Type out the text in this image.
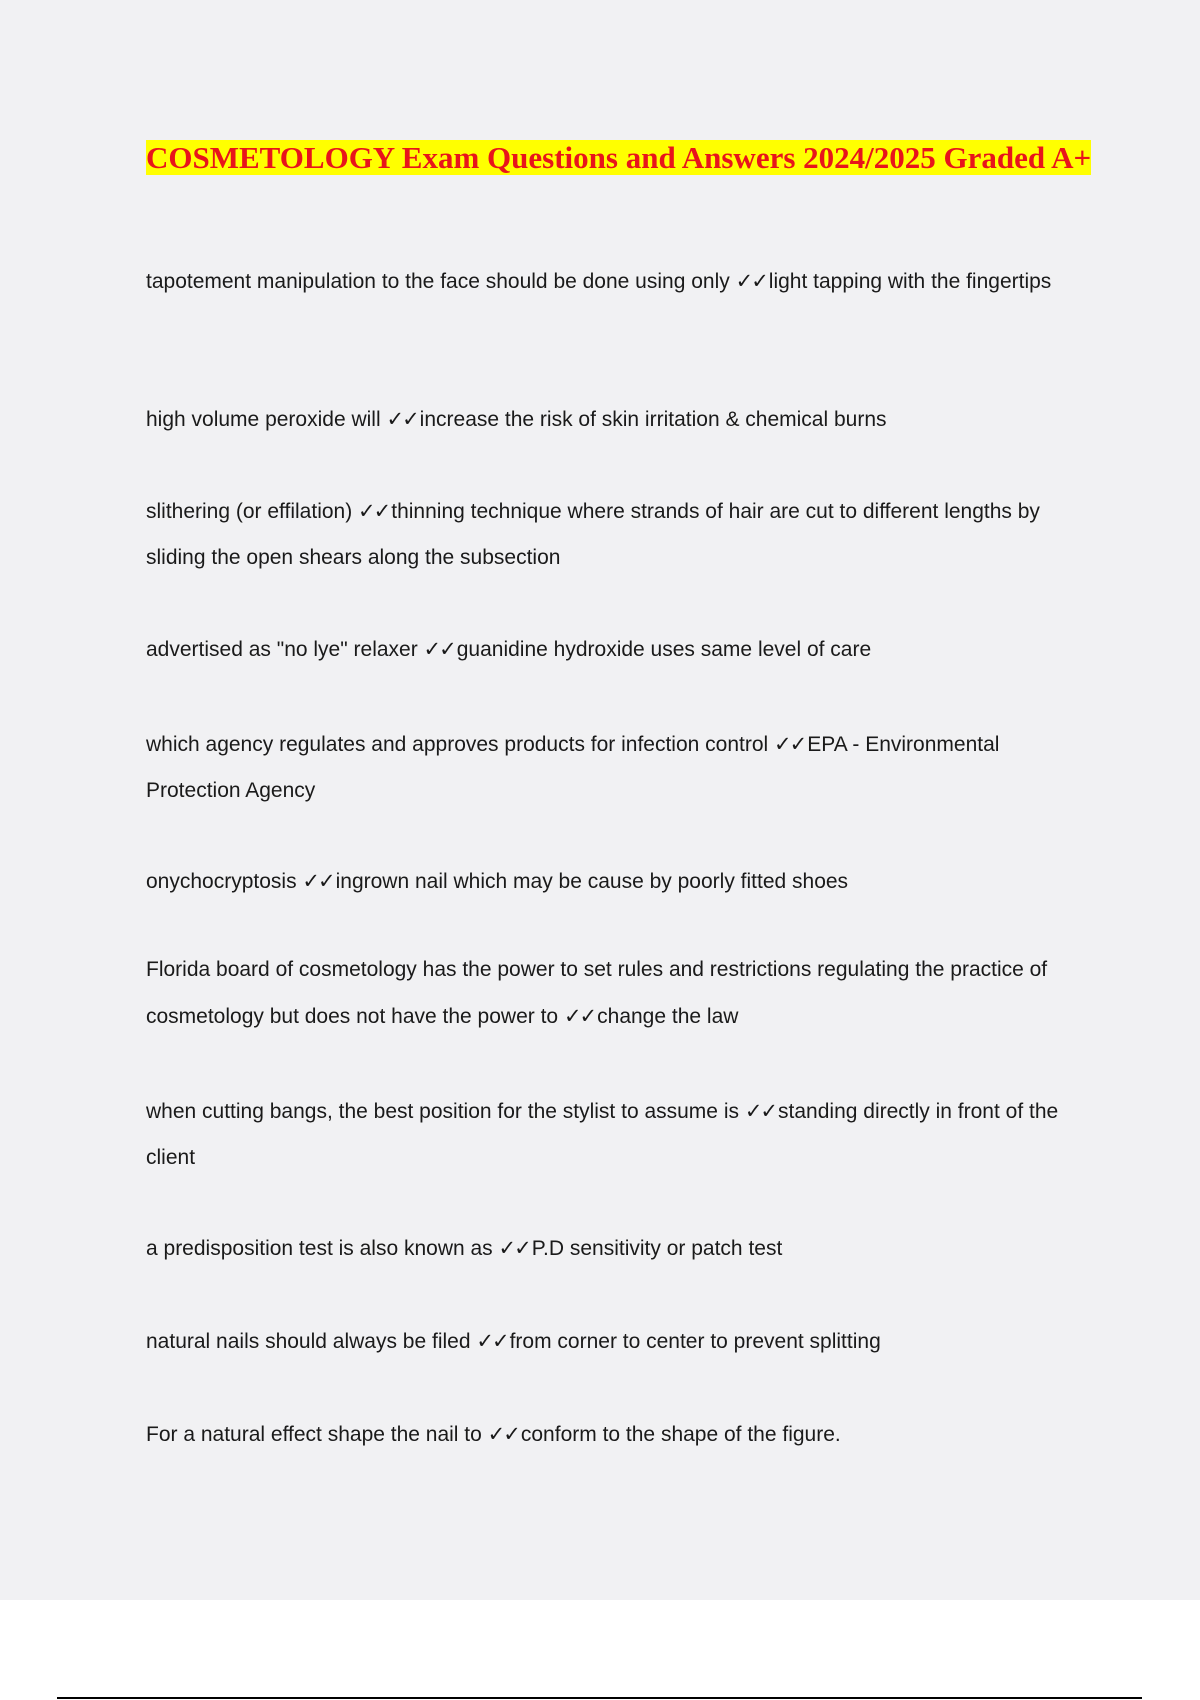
COSMETOLOGY Exam Questions and Answers 2024/2025 Graded A+

tapotement manipulation to the face should be done using only ✓✓light tapping with the fingertips

high volume peroxide will ✓✓increase the risk of skin irritation & chemical burns

slithering (or effilation) ✓✓thinning technique where strands of hair are cut to different lengths by sliding the open shears along the subsection

advertised as "no lye" relaxer ✓✓guanidine hydroxide uses same level of care

which agency regulates and approves products for infection control ✓✓EPA - Environmental Protection Agency

onychocryptosis ✓✓ingrown nail which may be cause by poorly fitted shoes

Florida board of cosmetology has the power to set rules and restrictions regulating the practice of cosmetology but does not have the power to ✓✓change the law

when cutting bangs, the best position for the stylist to assume is ✓✓standing directly in front of the client

a predisposition test is also known as ✓✓P.D sensitivity or patch test

natural nails should always be filed ✓✓from corner to center to prevent splitting

For a natural effect shape the nail to ✓✓conform to the shape of the figure.
